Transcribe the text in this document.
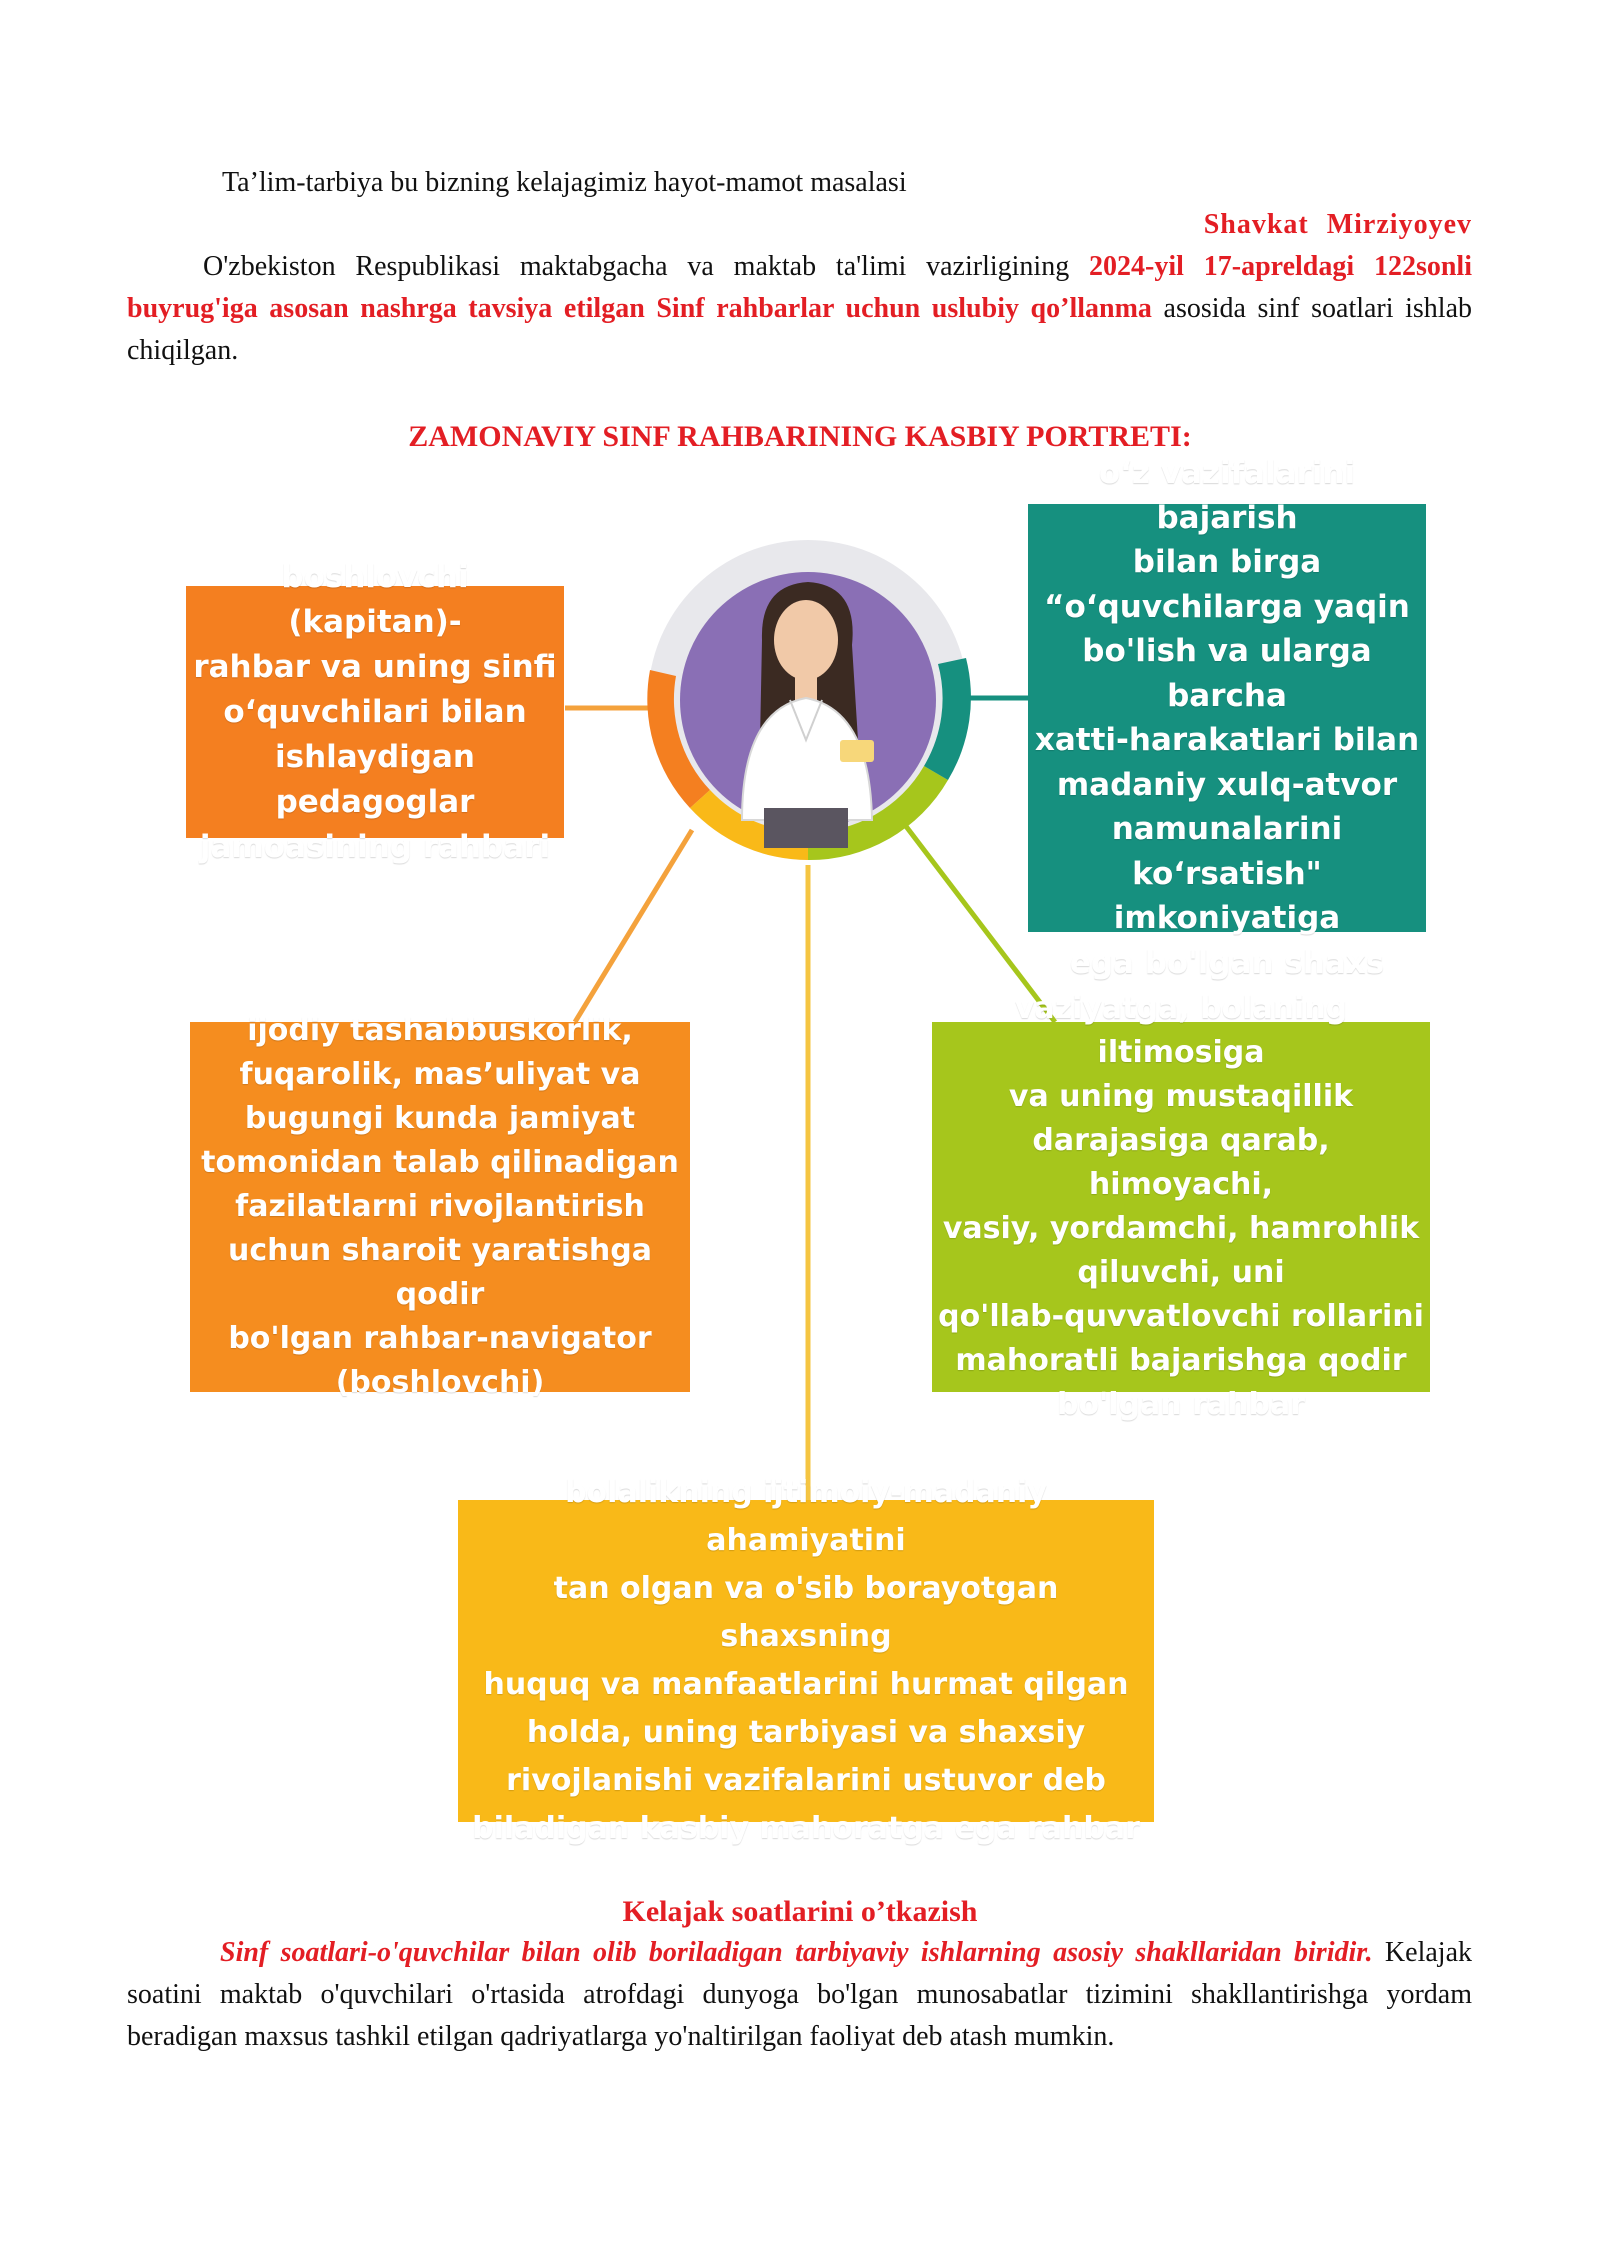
Ta’lim-tarbiya bu bizning kelajagimiz hayot-mamot masalasi
Shavkat Mirziyoyev
O'zbekiston Respublikasi maktabgacha va maktab ta'limi vazirligining 2024-yil 17-apreldagi 122sonli buyrug'iga asosan nashrga tavsiya etilgan Sinf rahbarlar uchun uslubiy qo’llanma asosida sinf soatlari ishlab chiqilgan.
ZAMONAVIY SINF RAHBARINING KASBIY PORTRETI:
boshlovchi (kapitan)-
rahbar va uning sinfi
o‘quvchilari bilan
ishlaydigan pedagoglar
jamoasining rahbari
o‘z vazifalarini bajarish
bilan birga
“o‘quvchilarga yaqin
bo'lish va ularga barcha
xatti-harakatlari bilan
madaniy xulq-atvor
namunalarini
ko‘rsatish" imkoniyatiga
ega bo'lgan shaxs
ijodiy tashabbuskorlik,
fuqarolik, mas’uliyat va
bugungi kunda jamiyat
tomonidan talab qilinadigan
fazilatlarni rivojlantirish
uchun sharoit yaratishga qodir
bo'lgan rahbar-navigator
(boshlovchi)
vaziyatga, bolaning iltimosiga
va uning mustaqillik
darajasiga qarab, himoyachi,
vasiy, yordamchi, hamrohlik
qiluvchi, uni
qo'llab-quvvatlovchi rollarini
mahoratli bajarishga qodir
bo'lgan rahbar
bolalikning ijtimoiy-madaniy ahamiyatini
tan olgan va o'sib borayotgan shaxsning
huquq va manfaatlarini hurmat qilgan
holda, uning tarbiyasi va shaxsiy
rivojlanishi vazifalarini ustuvor deb
biladigan kasbiy mahoratga ega rahbar
Kelajak soatlarini o’tkazish
Sinf soatlari-o'quvchilar bilan olib boriladigan tarbiyaviy ishlarning asosiy shakllaridan biridir. Kelajak soatini maktab o'quvchilari o'rtasida atrofdagi dunyoga bo'lgan munosabatlar tizimini shakllantirishga yordam beradigan maxsus tashkil etilgan qadriyatlarga yo'naltirilgan faoliyat deb atash mumkin.
